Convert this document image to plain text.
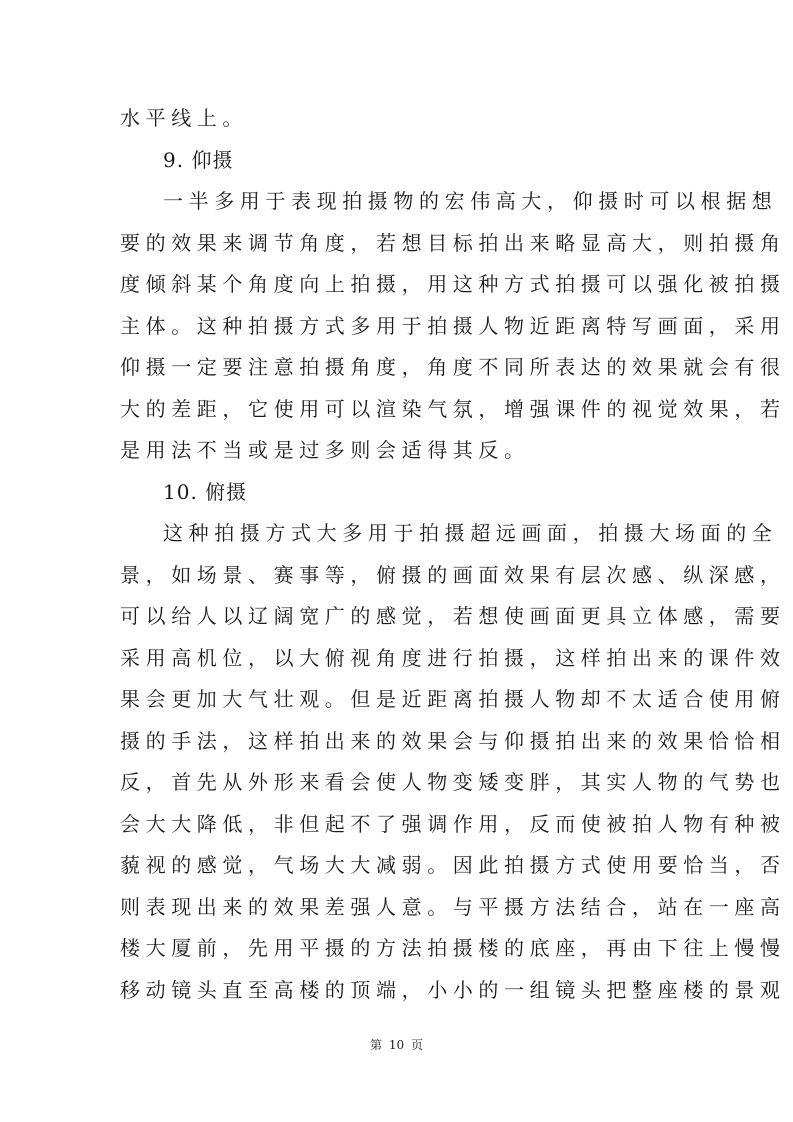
水平线上。
9. 仰摄
一半多用于表现拍摄物的宏伟高大，仰摄时可以根据想
要的效果来调节角度，若想目标拍出来略显高大，则拍摄角
度倾斜某个角度向上拍摄，用这种方式拍摄可以强化被拍摄
主体。这种拍摄方式多用于拍摄人物近距离特写画面，采用
仰摄一定要注意拍摄角度，角度不同所表达的效果就会有很
大的差距，它使用可以渲染气氛，增强课件的视觉效果，若
是用法不当或是过多则会适得其反。
10. 俯摄
这种拍摄方式大多用于拍摄超远画面，拍摄大场面的全
景，如场景、赛事等，俯摄的画面效果有层次感、纵深感，
可以给人以辽阔宽广的感觉，若想使画面更具立体感，需要
采用高机位，以大俯视角度进行拍摄，这样拍出来的课件效
果会更加大气壮观。但是近距离拍摄人物却不太适合使用俯
摄的手法，这样拍出来的效果会与仰摄拍出来的效果恰恰相
反，首先从外形来看会使人物变矮变胖，其实人物的气势也
会大大降低，非但起不了强调作用，反而使被拍人物有种被
藐视的感觉，气场大大减弱。因此拍摄方式使用要恰当，否
则表现出来的效果差强人意。与平摄方法结合，站在一座高
楼大厦前，先用平摄的方法拍摄楼的底座，再由下往上慢慢
移动镜头直至高楼的顶端，小小的一组镜头把整座楼的景观
第 10 页
